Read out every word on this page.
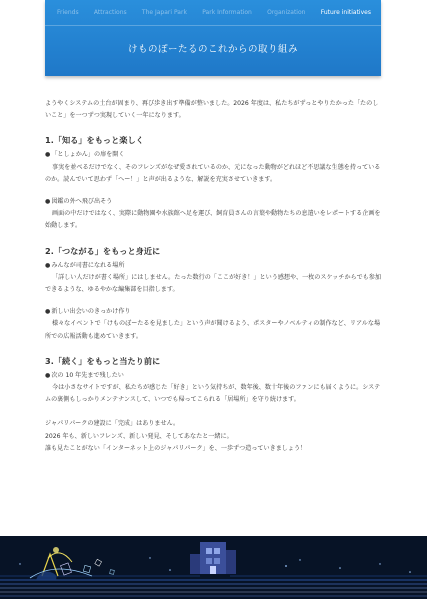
Friends	Attractions	The Japari Park	Park Information	Organization	Future initiatives
けものぽーたるのこれからの取り組み

ようやくシステムの土台が固まり、再び歩き出す準備が整いました。2026 年度は、私たちがずっとやりたかった「たのしいこと」を一つずつ実現していく一年になります。

1.「知る」をもっと楽しく

●「としょかん」の扉を開く

事実を並べるだけでなく、そのフレンズがなぜ愛されているのか、元になった動物がどれほど不思議な生態を持っているのか。読んでいて思わず「へー！」と声が出るような、解説を充実させていきます。

●図鑑の外へ飛び出そう

画面の中だけではなく、実際に動物園や水族館へ足を運び、飼育員さんの言葉や動物たちの息遣いをレポートする企画を始動します。

2.「つながる」をもっと身近に

●みんなが司書になれる場所

「詳しい人だけが書く場所」にはしません。たった数行の「ここが好き！」という感想や、一枚のスケッチからでも参加できるような、ゆるやかな編集部を目指します。

●新しい出会いのきっかけ作り

様々なイベントで「けものぽーたるを見ました」という声が聞けるよう、ポスターやノベルティの制作など、リアルな場所での広報活動も進めていきます。

3.「続く」をもっと当たり前に

●次の 10 年先まで残したい

今は小さなサイトですが、私たちが感じた「好き」という気持ちが、数年後、数十年後のファンにも届くように。システムの裏側もしっかりメンテナンスして、いつでも帰ってこられる「居場所」を守り続けます。

ジャパリパークの建設に「完成」はありません。

2026 年も、新しいフレンズ、新しい発見、そしてあなたと一緒に。

誰も見たことがない「インターネット上のジャパリパーク」を、一歩ずつ造っていきましょう！
